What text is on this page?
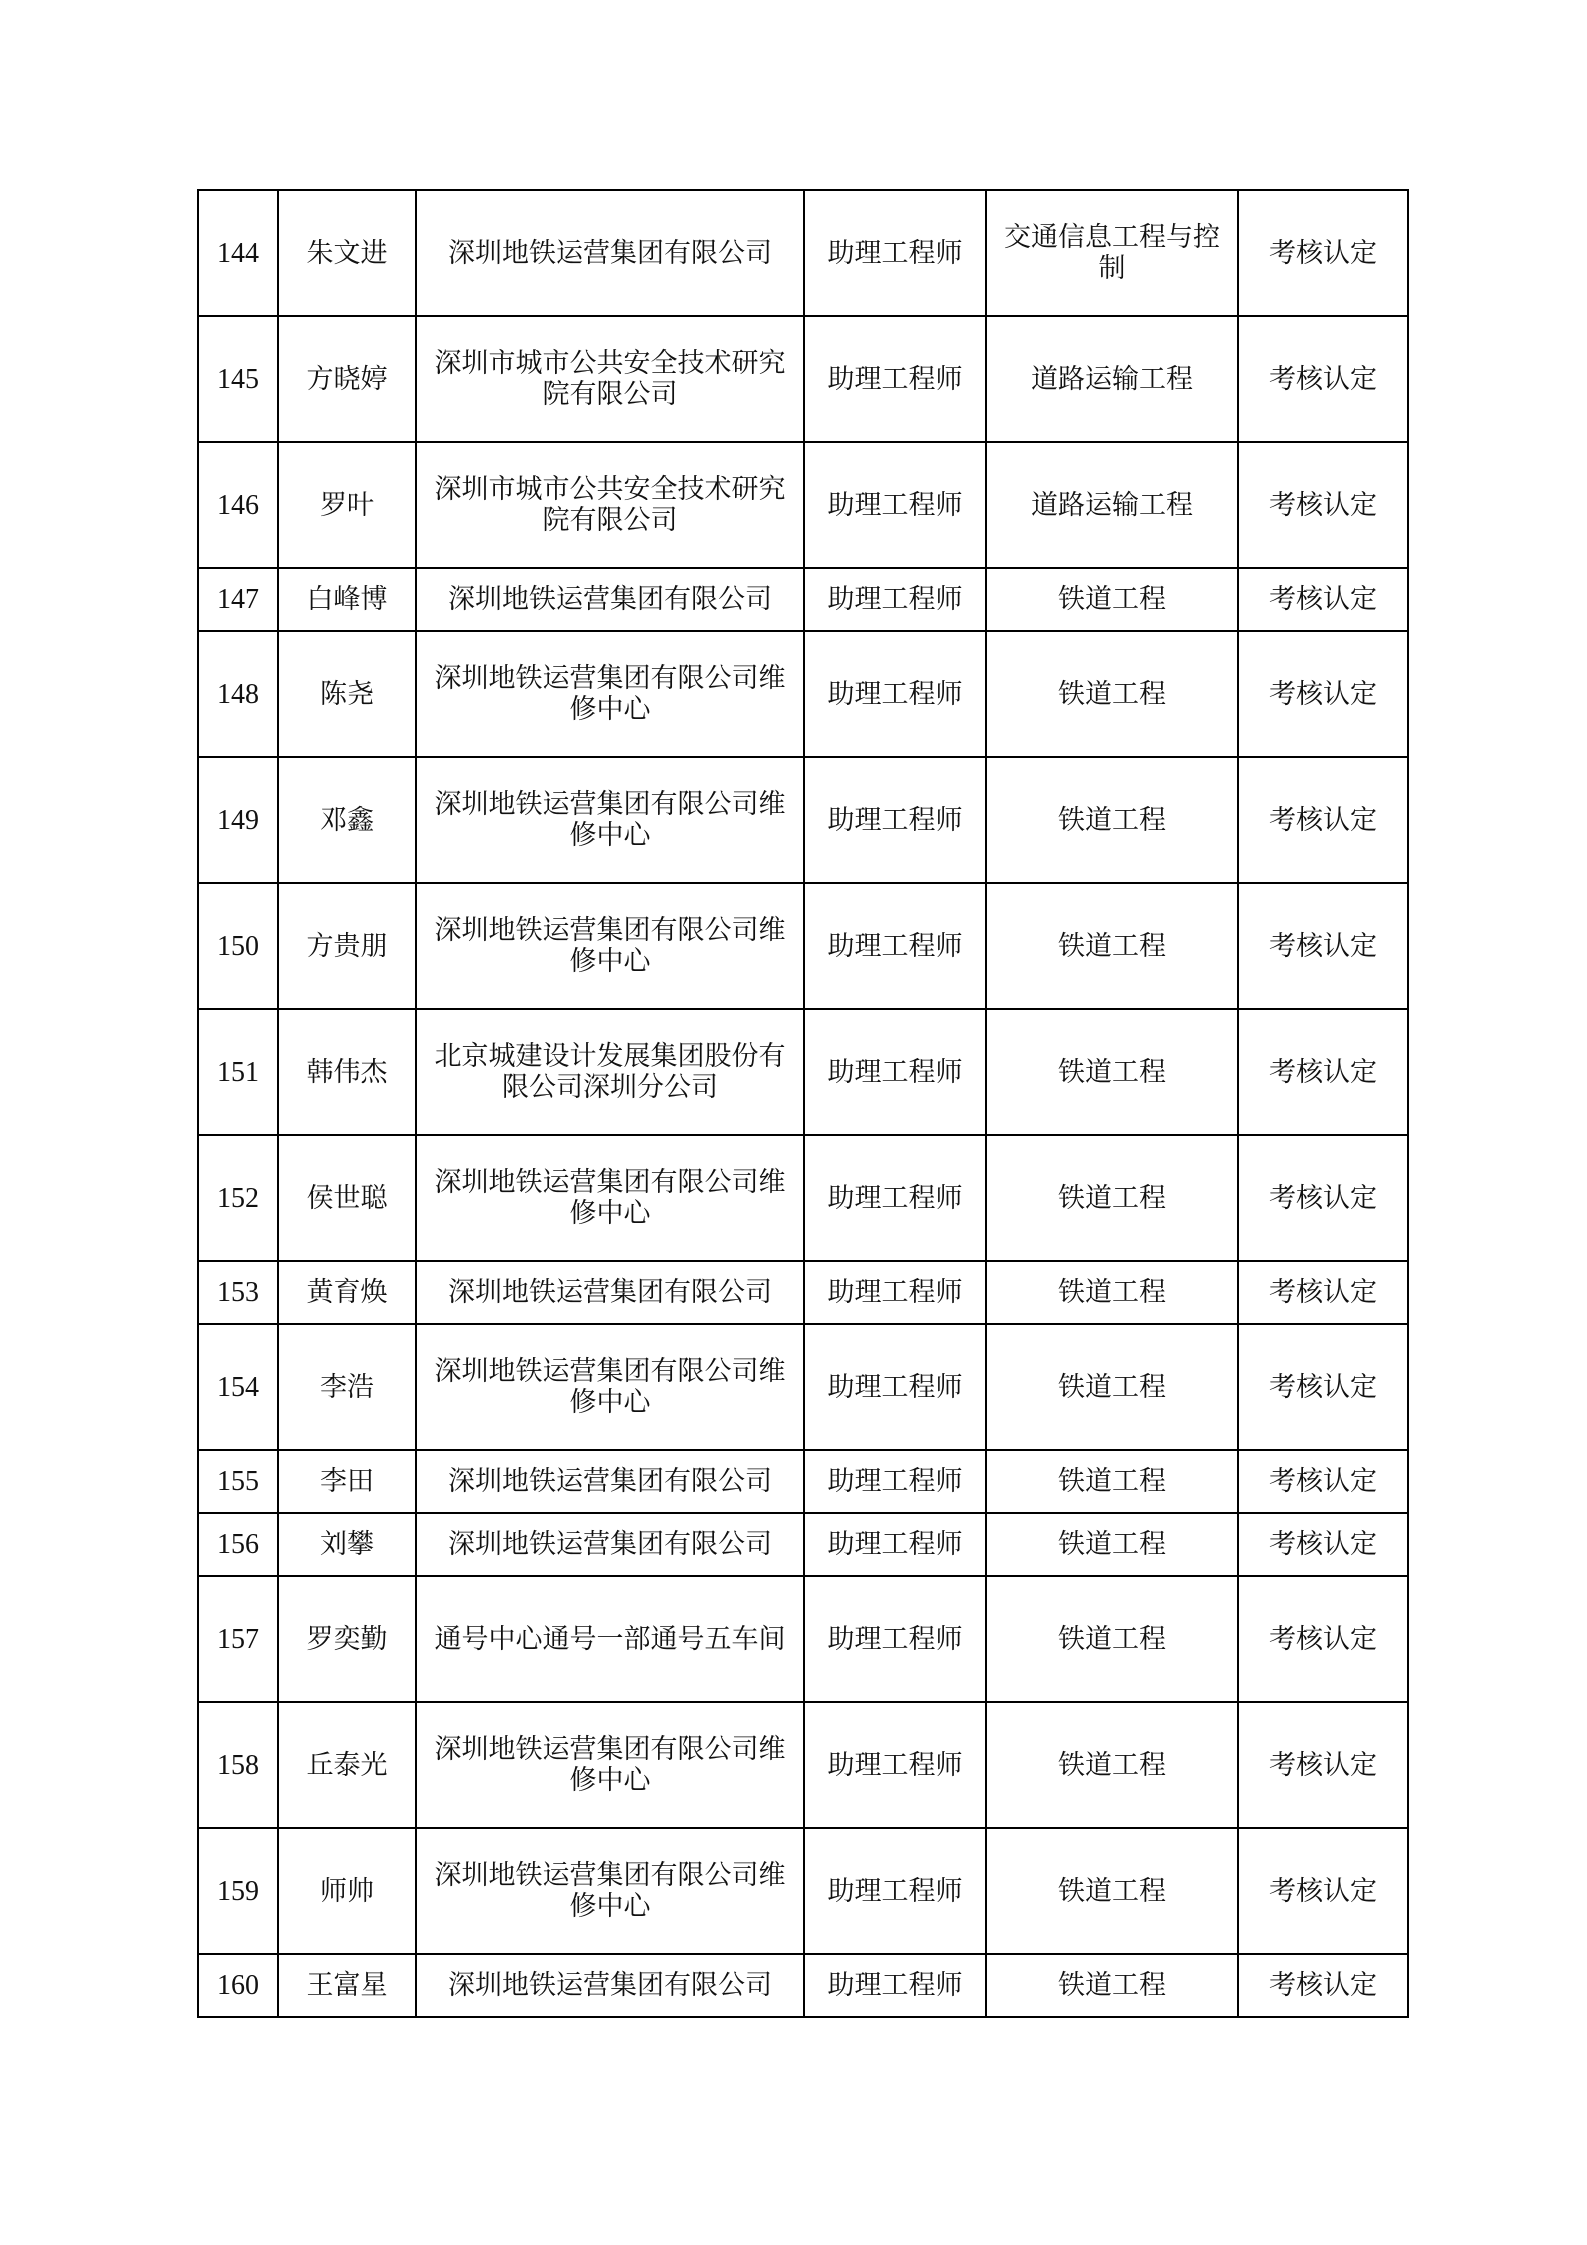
144	朱文进	深圳地铁运营集团有限公司	助理工程师	交通信息工程与控制	考核认定
145	方晓婷	深圳市城市公共安全技术研究院有限公司	助理工程师	道路运输工程	考核认定
146	罗叶	深圳市城市公共安全技术研究院有限公司	助理工程师	道路运输工程	考核认定
147	白峰博	深圳地铁运营集团有限公司	助理工程师	铁道工程	考核认定
148	陈尧	深圳地铁运营集团有限公司维修中心	助理工程师	铁道工程	考核认定
149	邓鑫	深圳地铁运营集团有限公司维修中心	助理工程师	铁道工程	考核认定
150	方贵朋	深圳地铁运营集团有限公司维修中心	助理工程师	铁道工程	考核认定
151	韩伟杰	北京城建设计发展集团股份有限公司深圳分公司	助理工程师	铁道工程	考核认定
152	侯世聪	深圳地铁运营集团有限公司维修中心	助理工程师	铁道工程	考核认定
153	黄育焕	深圳地铁运营集团有限公司	助理工程师	铁道工程	考核认定
154	李浩	深圳地铁运营集团有限公司维修中心	助理工程师	铁道工程	考核认定
155	李田	深圳地铁运营集团有限公司	助理工程师	铁道工程	考核认定
156	刘攀	深圳地铁运营集团有限公司	助理工程师	铁道工程	考核认定
157	罗奕勤	通号中心通号一部通号五车间	助理工程师	铁道工程	考核认定
158	丘泰光	深圳地铁运营集团有限公司维修中心	助理工程师	铁道工程	考核认定
159	师帅	深圳地铁运营集团有限公司维修中心	助理工程师	铁道工程	考核认定
160	王富星	深圳地铁运营集团有限公司	助理工程师	铁道工程	考核认定
